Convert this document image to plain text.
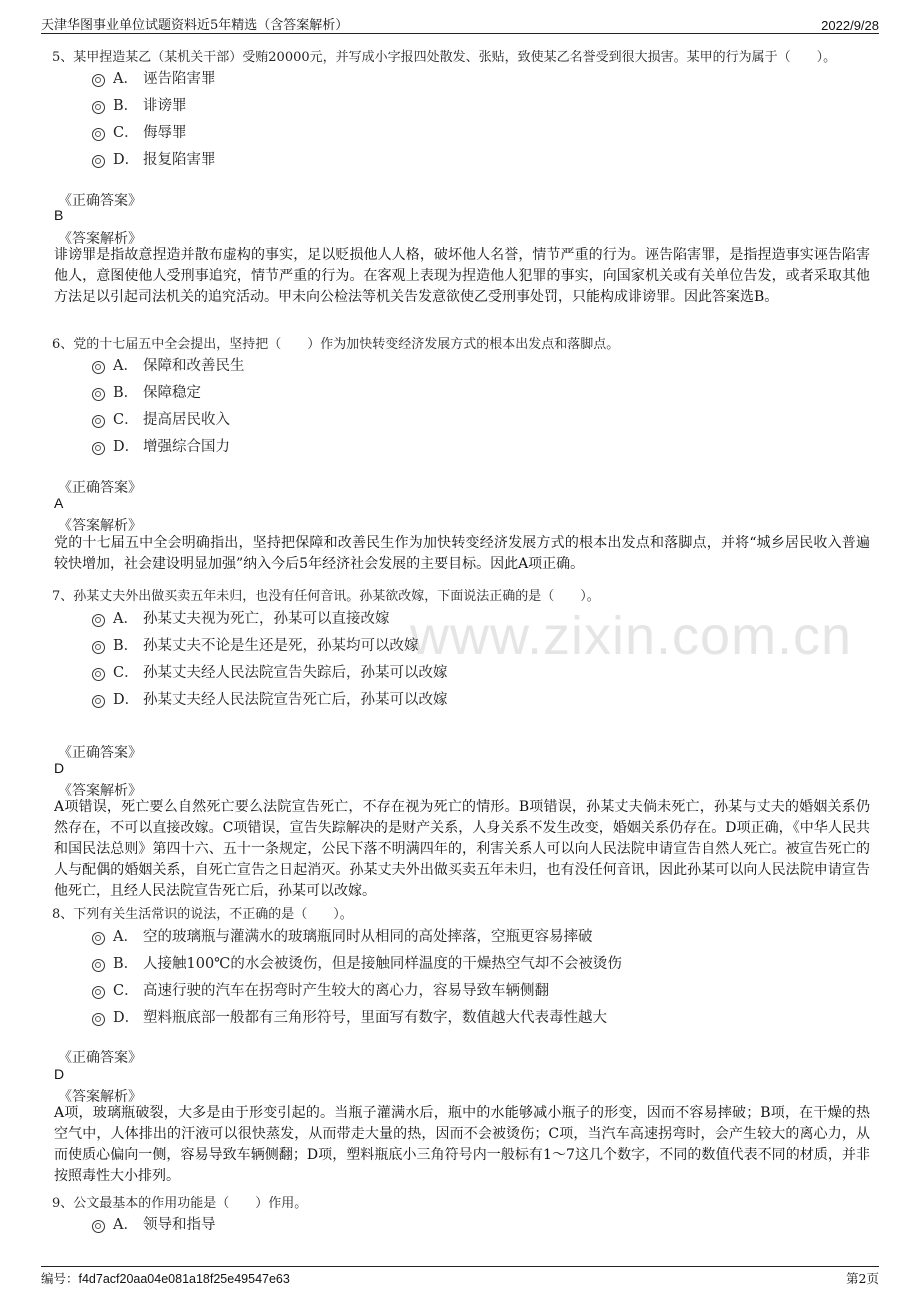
天津华图事业单位试题资料近5年精选（含答案解析）	2022/9/28
www.zixin.com.cn
5、某甲捏造某乙（某机关干部）受贿20000元，并写成小字报四处散发、张贴，致使某乙名誉受到很大损害。某甲的行为属于（　　）。
A． 诬告陷害罪
B． 诽谤罪
C． 侮辱罪
D． 报复陷害罪
《正确答案》
B
《答案解析》
诽谤罪是指故意捏造并散布虚构的事实，足以贬损他人人格，破坏他人名誉，情节严重的行为。诬告陷害罪，是指捏造事实诬告陷害他人，意图使他人受刑事追究，情节严重的行为。在客观上表现为捏造他人犯罪的事实，向国家机关或有关单位告发，或者采取其他方法足以引起司法机关的追究活动。甲未向公检法等机关告发意欲使乙受刑事处罚，只能构成诽谤罪。因此答案选B。
6、党的十七届五中全会提出，坚持把（　　）作为加快转变经济发展方式的根本出发点和落脚点。
A． 保障和改善民生
B． 保障稳定
C． 提高居民收入
D． 增强综合国力
《正确答案》
A
《答案解析》
党的十七届五中全会明确指出，坚持把保障和改善民生作为加快转变经济发展方式的根本出发点和落脚点，并将“城乡居民收入普遍较快增加，社会建设明显加强”纳入今后5年经济社会发展的主要目标。因此A项正确。
7、孙某丈夫外出做买卖五年未归，也没有任何音讯。孙某欲改嫁，下面说法正确的是（　　）。
A． 孙某丈夫视为死亡，孙某可以直接改嫁
B． 孙某丈夫不论是生还是死，孙某均可以改嫁
C． 孙某丈夫经人民法院宣告失踪后，孙某可以改嫁
D． 孙某丈夫经人民法院宣告死亡后，孙某可以改嫁
《正确答案》
D
《答案解析》
A项错误，死亡要么自然死亡要么法院宣告死亡，不存在视为死亡的情形。B项错误，孙某丈夫倘未死亡，孙某与丈夫的婚姻关系仍然存在，不可以直接改嫁。C项错误，宣告失踪解决的是财产关系，人身关系不发生改变，婚姻关系仍存在。D项正确，《中华人民共和国民法总则》第四十六、五十一条规定，公民下落不明满四年的，利害关系人可以向人民法院申请宣告自然人死亡。被宣告死亡的人与配偶的婚姻关系，自死亡宣告之日起消灭。孙某丈夫外出做买卖五年未归，也有没任何音讯，因此孙某可以向人民法院申请宣告他死亡，且经人民法院宣告死亡后，孙某可以改嫁。
8、下列有关生活常识的说法，不正确的是（　　）。
A． 空的玻璃瓶与灌满水的玻璃瓶同时从相同的高处摔落，空瓶更容易摔破
B． 人接触100℃的水会被烫伤，但是接触同样温度的干燥热空气却不会被烫伤
C． 高速行驶的汽车在拐弯时产生较大的离心力，容易导致车辆侧翻
D． 塑料瓶底部一般都有三角形符号，里面写有数字，数值越大代表毒性越大
《正确答案》
D
《答案解析》
A项，玻璃瓶破裂，大多是由于形变引起的。当瓶子灌满水后，瓶中的水能够减小瓶子的形变，因而不容易摔破；B项，在干燥的热空气中，人体排出的汗液可以很快蒸发，从而带走大量的热，因而不会被烫伤；C项，当汽车高速拐弯时，会产生较大的离心力，从而使质心偏向一侧，容易导致车辆侧翻；D项，塑料瓶底小三角符号内一般标有1～7这几个数字，不同的数值代表不同的材质，并非按照毒性大小排列。
9、公文最基本的作用功能是（　　）作用。
A． 领导和指导
编号：f4d7acf20aa04e081a18f25e49547e63	第2页
